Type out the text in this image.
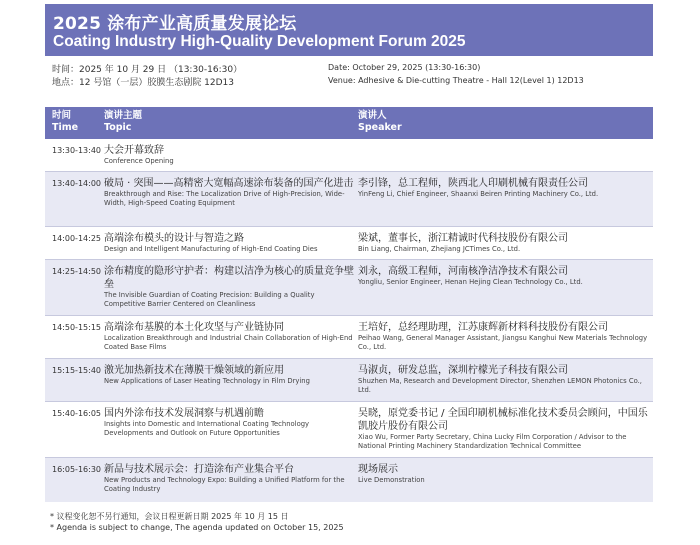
2025 涂布产业高质量发展论坛
Coating Industry High-Quality Development Forum 2025
时间：2025 年 10 月 29 日 （13:30-16:30）
地点：12 号馆（一层）胶膜生态剧院 12D13
Date: October 29, 2025 (13:30-16:30)
Venue: Adhesive & Die-cutting Theatre - Hall 12(Level 1) 12D13
时间
Time
演讲主题
Topic
演讲人
Speaker
13:30-13:40 大会开幕致辞
Conference Opening
13:40-14:00 破局 · 突围——高精密大宽幅高速涂布装备的国产化进击
Breakthrough and Rise: The Localization Drive of High-Precision, Wide-Width, High-Speed Coating Equipment
李引锋，总工程师，陕西北人印刷机械有限责任公司
YinFeng Li, Chief Engineer, Shaanxi Beiren Printing Machinery Co., Ltd.
14:00-14:25 高端涂布模头的设计与智造之路
Design and Intelligent Manufacturing of High-End Coating Dies
梁斌，董事长，浙江精诚时代科技股份有限公司
Bin Liang, Chairman, Zhejiang JCTimes Co., Ltd.
14:25-14:50 涂布精度的隐形守护者：构建以洁净为核心的质量竞争壁垒
The Invisible Guardian of Coating Precision: Building a Quality Competitive Barrier Centered on Cleanliness
刘永，高级工程师，河南核净洁净技术有限公司
Yongliu, Senior Engineer, Henan Hejing Clean Technology Co., Ltd.
14:50-15:15 高端涂布基膜的本土化攻坚与产业链协同
Localization Breakthrough and Industrial Chain Collaboration of High-End Coated Base Films
王培好，总经理助理，江苏康辉新材料科技股份有限公司
Peihao Wang, General Manager Assistant, Jiangsu Kanghui New Materials Technology Co., Ltd.
15:15-15:40 激光加热新技术在薄膜干燥领域的新应用
New Applications of Laser Heating Technology in Film Drying
马淑贞，研发总监，深圳柠檬光子科技有限公司
Shuzhen Ma, Research and Development Director, Shenzhen LEMON Photonics Co., Ltd.
15:40-16:05 国内外涂布技术发展洞察与机遇前瞻
Insights into Domestic and International Coating Technology Developments and Outlook on Future Opportunities
吴晓，原党委书记 / 全国印刷机械标准化技术委员会顾问，中国乐凯胶片股份有限公司
Xiao Wu, Former Party Secretary, China Lucky Film Corporation / Advisor to the National Printing Machinery Standardization Technical Committee
16:05-16:30 新品与技术展示会：打造涂布产业集合平台
New Products and Technology Expo: Building a Unified Platform for the Coating Industry
现场展示
Live Demonstration
* 议程变化恕不另行通知，会议日程更新日期 2025 年 10 月 15 日
* Agenda is subject to change, The agenda updated on October 15, 2025
